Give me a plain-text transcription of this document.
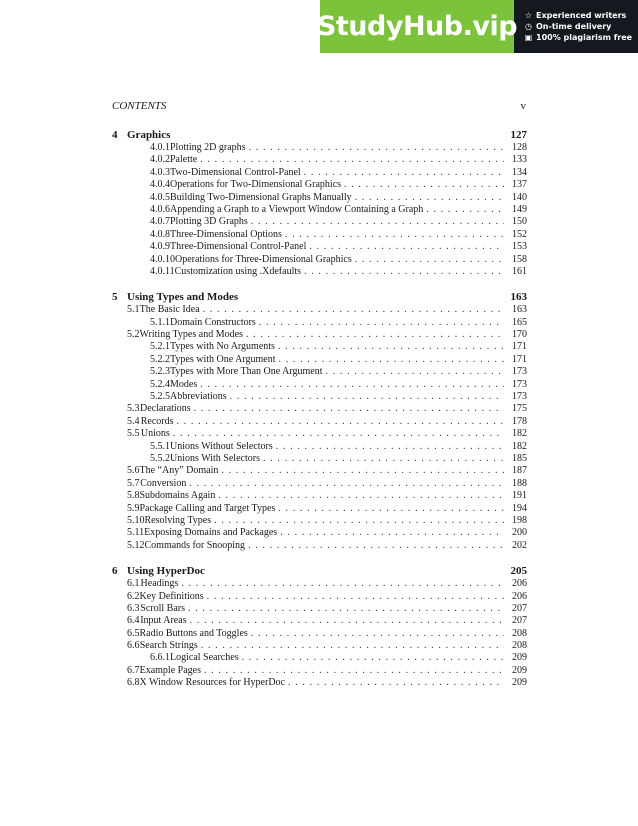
StudyHub.vip ☆ Experienced writers
◷ On-time delivery
▣ 100% plagiarism free
CONTENTS	v
4 Graphics	127
4.0.1 Plotting 2D graphs . . .	128
4.0.2 Palette . . .	133
4.0.3 Two-Dimensional Control-Panel . . .	134
4.0.4 Operations for Two-Dimensional Graphics . . .	137
4.0.5 Building Two-Dimensional Graphs Manually . . .	140
4.0.6 Appending a Graph to a Viewport Window Containing a Graph . . .	149
4.0.7 Plotting 3D Graphs . . .	150
4.0.8 Three-Dimensional Options . . .	152
4.0.9 Three-Dimensional Control-Panel . . .	153
4.0.10 Operations for Three-Dimensional Graphics . . .	158
4.0.11 Customization using .Xdefaults . . .	161
5 Using Types and Modes	163
5.1 The Basic Idea . . .	163
5.1.1 Domain Constructors . . .	165
5.2 Writing Types and Modes . . .	170
5.2.1 Types with No Arguments . . .	171
5.2.2 Types with One Argument . . .	171
5.2.3 Types with More Than One Argument . . .	173
5.2.4 Modes . . .	173
5.2.5 Abbreviations . . .	173
5.3 Declarations . . .	175
5.4 Records . . .	178
5.5 Unions . . .	182
5.5.1 Unions Without Selectors . . .	182
5.5.2 Unions With Selectors . . .	185
5.6 The “Any” Domain . . .	187
5.7 Conversion . . .	188
5.8 Subdomains Again . . .	191
5.9 Package Calling and Target Types . . .	194
5.10 Resolving Types . . .	198
5.11 Exposing Domains and Packages . . .	200
5.12 Commands for Snooping . . .	202
6 Using HyperDoc	205
6.1 Headings . . .	206
6.2 Key Definitions . . .	206
6.3 Scroll Bars . . .	207
6.4 Input Areas . . .	207
6.5 Radio Buttons and Toggles . . .	208
6.6 Search Strings . . .	208
6.6.1 Logical Searches . . .	209
6.7 Example Pages . . .	209
6.8 X Window Resources for HyperDoc . . .	209
